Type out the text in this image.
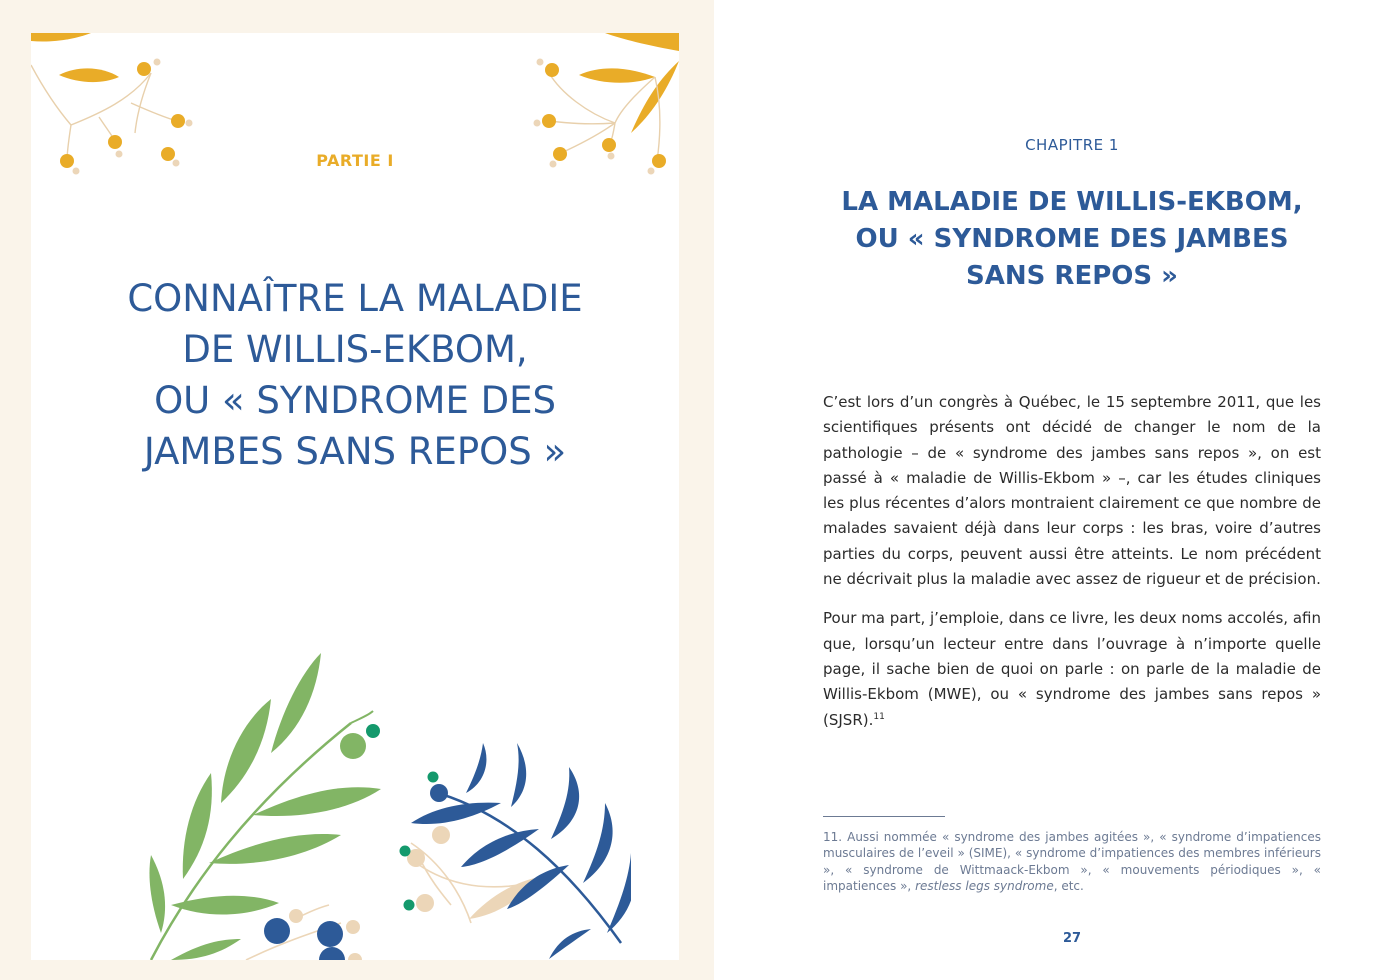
PARTIE I
CONNAÎTRE LA MALADIE
DE WILLIS-EKBOM,
OU « SYNDROME DES
JAMBES SANS REPOS »
CHAPITRE 1
LA MALADIE DE WILLIS-EKBOM,
OU « SYNDROME DES JAMBES
SANS REPOS »

C’est lors d’un congrès à Québec, le 15 septembre 2011, que les scientifiques présents ont décidé de changer le nom de la pathologie – de « syndrome des jambes sans repos », on est passé à « maladie de Willis-Ekbom » –, car les études cliniques les plus récentes d’alors montraient clairement ce que nombre de malades savaient déjà dans leur corps : les bras, voire d’autres parties du corps, peuvent aussi être atteints. Le nom précédent ne décrivait plus la maladie avec assez de rigueur et de précision.

Pour ma part, j’emploie, dans ce livre, les deux noms accolés, afin que, lorsqu’un lecteur entre dans l’ouvrage à n’importe quelle page, il sache bien de quoi on parle : on parle de la maladie de Willis-Ekbom (MWE), ou « syndrome des jambes sans repos » (SJSR).$^{11}$

11. Aussi nommée « syndrome des jambes agitées », « syndrome d’impatiences musculaires de l’eveil » (SIME), « syndrome d’impatiences des membres inférieurs », « syndrome de Wittmaack-Ekbom », « mouvements périodiques », « impatiences », restless legs syndrome, etc.
27
